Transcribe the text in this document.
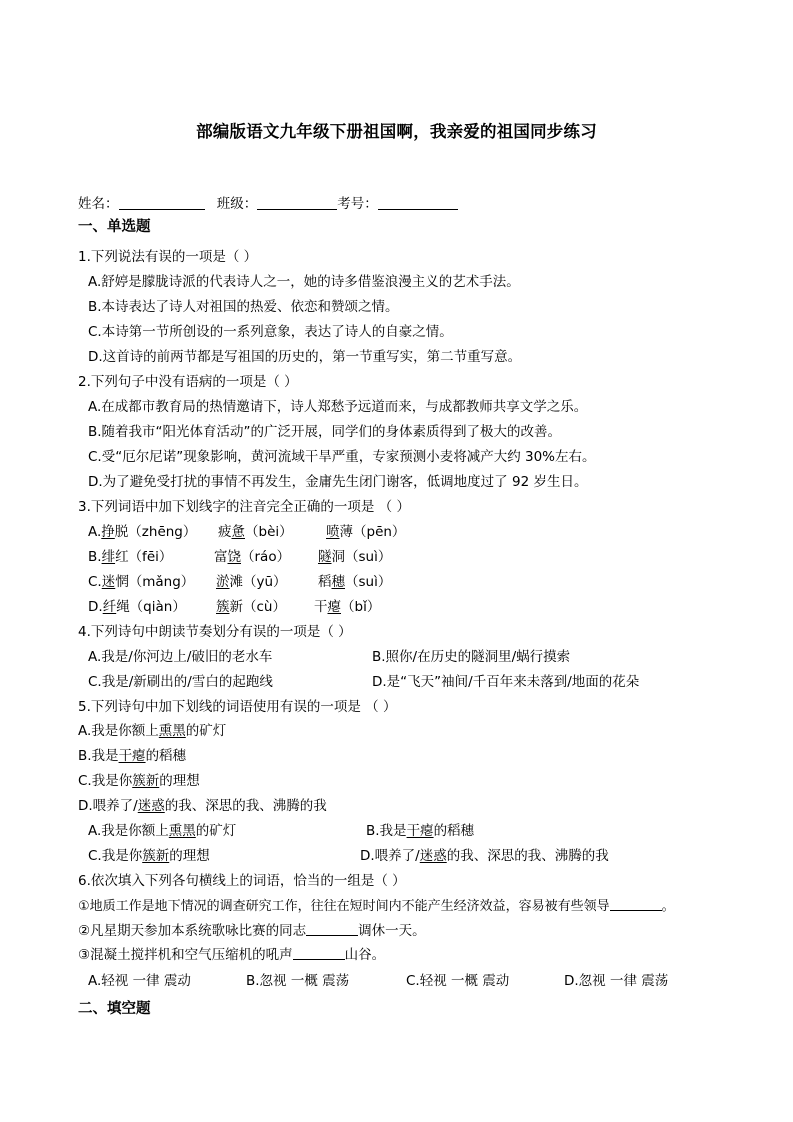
部编版语文九年级下册祖国啊，我亲爱的祖国同步练习
姓名：	班级：	考号：
一、单选题
1.下列说法有误的一项是（ ）
A.舒婷是朦胧诗派的代表诗人之一，她的诗多借鉴浪漫主义的艺术手法。
B.本诗表达了诗人对祖国的热爱、依恋和赞颂之情。
C.本诗第一节所创设的一系列意象，表达了诗人的自豪之情。
D.这首诗的前两节都是写祖国的历史的，第一节重写实，第二节重写意。
2.下列句子中没有语病的一项是（ ）
A.在成都市教育局的热情邀请下，诗人郑愁予远道而来，与成都教师共享文学之乐。
B.随着我市“阳光体育活动”的广泛开展，同学们的身体素质得到了极大的改善。
C.受“厄尔尼诺”现象影响，黄河流域干旱严重，专家预测小麦将减产大约 30%左右。
D.为了避免受打扰的事情不再发生，金庸先生闭门谢客，低调地度过了 92 岁生日。
3.下列词语中加下划线字的注音完全正确的一项是 （ ）
A.挣脱（zhēng） 疲惫（bèi） 喷薄（pēn）
B.绯红（fēi）	富饶（ráo） 隧洞（suì）
C.迷惘（mǎng） 淤滩（yū） 稻穗（suì）
D.纤绳（qiàn） 簇新（cù） 干瘪（bǐ）
4.下列诗句中朗读节奏划分有误的一项是（ ）
A.我是/你河边上/破旧的老水车	B.照你/在历史的隧洞里/蜗行摸索
C.我是/新刷出的/雪白的起跑线	D.是“飞天”袖间/千百年来未落到/地面的花朵
5.下列诗句中加下划线的词语使用有误的一项是 （ ）
A.我是你额上熏黑的矿灯
B.我是干瘪的稻穗
C.我是你簇新的理想
D.喂养了/迷惑的我、深思的我、沸腾的我
A.我是你额上熏黑的矿灯	B.我是干瘪的稻穗
C.我是你簇新的理想	D.喂养了/迷惑的我、深思的我、沸腾的我
6.依次填入下列各句横线上的词语，恰当的一组是（ ）
①地质工作是地下情况的调查研究工作，往往在短时间内不能产生经济效益，容易被有些领导	。
②凡星期天参加本系统歌咏比赛的同志	调休一天。
③混凝土搅拌机和空气压缩机的吼声	山谷。
A.轻视 一律 震动	B.忽视 一概 震荡	C.轻视 一概 震动	D.忽视 一律 震荡
二、填空题
